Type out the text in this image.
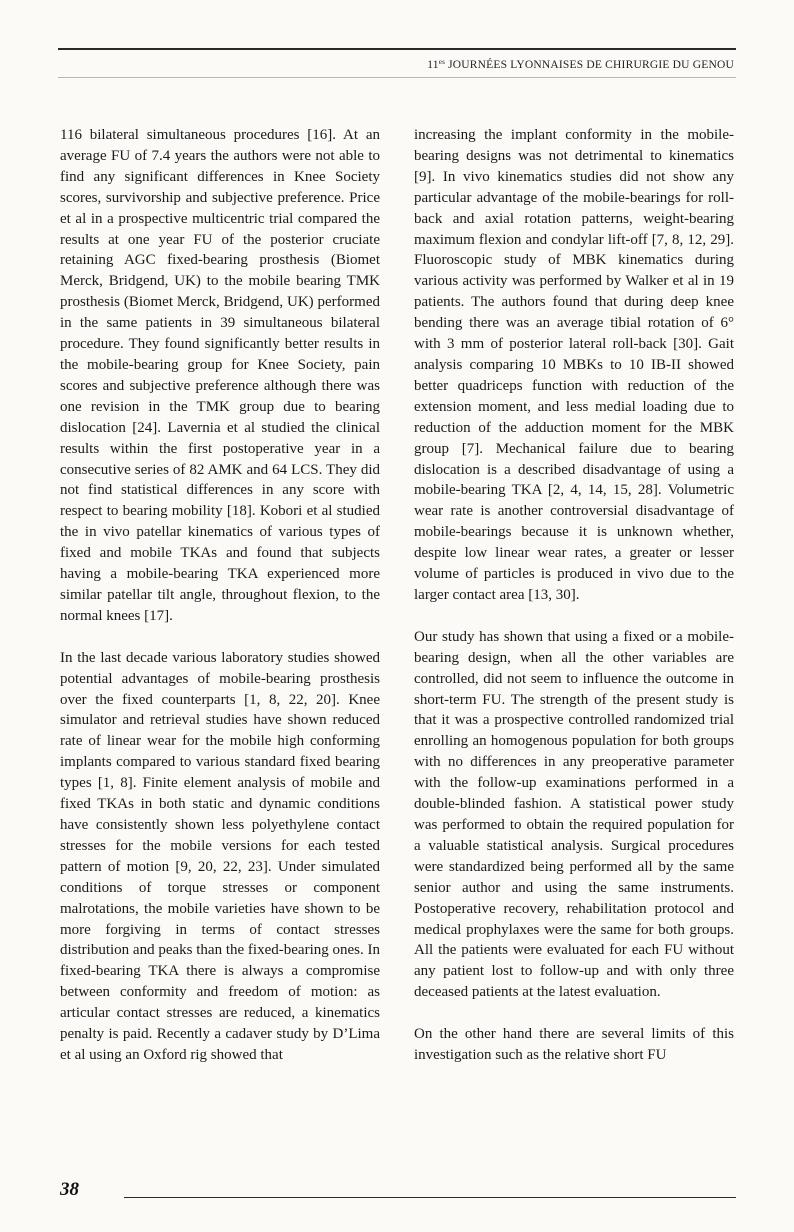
$11^{es}$ JOURNÉES LYONNAISES DE CHIRURGIE DU GENOU

116 bilateral simultaneous procedures [16]. At an average FU of 7.4 years the authors were not able to find any significant differences in Knee Society scores, survivorship and subjective preference. Price et al in a prospective multicentric trial compared the results at one year FU of the posterior cruciate retaining AGC fixed-bearing prosthesis (Biomet Merck, Bridgend, UK) to the mobile bearing TMK prosthesis (Biomet Merck, Bridgend, UK) performed in the same patients in 39 simultaneous bilateral procedure. They found significantly better results in the mobile-bearing group for Knee Society, pain scores and subjective preference although there was one revision in the TMK group due to bearing dislocation [24]. Lavernia et al studied the clinical results within the first postoperative year in a consecutive series of 82 AMK and 64 LCS. They did not find statistical differences in any score with respect to bearing mobility [18]. Kobori et al studied the in vivo patellar kinematics of various types of fixed and mobile TKAs and found that subjects having a mobile-bearing TKA experienced more similar patellar tilt angle, throughout flexion, to the normal knees [17].

In the last decade various laboratory studies showed potential advantages of mobile-bearing prosthesis over the fixed counterparts [1, 8, 22, 20]. Knee simulator and retrieval studies have shown reduced rate of linear wear for the mobile high conforming implants compared to various standard fixed bearing types [1, 8]. Finite element analysis of mobile and fixed TKAs in both static and dynamic conditions have consistently shown less polyethylene contact stresses for the mobile versions for each tested pattern of motion [9, 20, 22, 23]. Under simulated conditions of torque stresses or component malrotations, the mobile varieties have shown to be more forgiving in terms of contact stresses distribution and peaks than the fixed-bearing ones. In fixed-bearing TKA there is always a compromise between conformity and freedom of motion: as articular contact stresses are reduced, a kinematics penalty is paid. Recently a cadaver study by D’Lima et al using an Oxford rig showed that

increasing the implant conformity in the mobile-bearing designs was not detrimental to kinematics [9]. In vivo kinematics studies did not show any particular advantage of the mobile-bearings for roll-back and axial rotation patterns, weight-bearing maximum flexion and condylar lift-off [7, 8, 12, 29]. Fluoroscopic study of MBK kinematics during various activity was performed by Walker et al in 19 patients. The authors found that during deep knee bending there was an average tibial rotation of 6° with 3 mm of posterior lateral roll-back [30]. Gait analysis comparing 10 MBKs to 10 IB-II showed better quadriceps function with reduction of the extension moment, and less medial loading due to reduction of the adduction moment for the MBK group [7]. Mechanical failure due to bearing dislocation is a described disadvantage of using a mobile-bearing TKA [2, 4, 14, 15, 28]. Volumetric wear rate is another controversial disadvantage of mobile-bearings because it is unknown whether, despite low linear wear rates, a greater or lesser volume of particles is produced in vivo due to the larger contact area [13, 30].

Our study has shown that using a fixed or a mobile-bearing design, when all the other variables are controlled, did not seem to influence the outcome in short-term FU. The strength of the present study is that it was a prospective controlled randomized trial enrolling an homogenous population for both groups with no differences in any preoperative parameter with the follow-up examinations performed in a double-blinded fashion. A statistical power study was performed to obtain the required population for a valuable statistical analysis. Surgical procedures were standardized being performed all by the same senior author and using the same instruments. Postoperative recovery, rehabilitation protocol and medical prophylaxes were the same for both groups. All the patients were evaluated for each FU without any patient lost to follow-up and with only three deceased patients at the latest evaluation.

On the other hand there are several limits of this investigation such as the relative short FU

38
